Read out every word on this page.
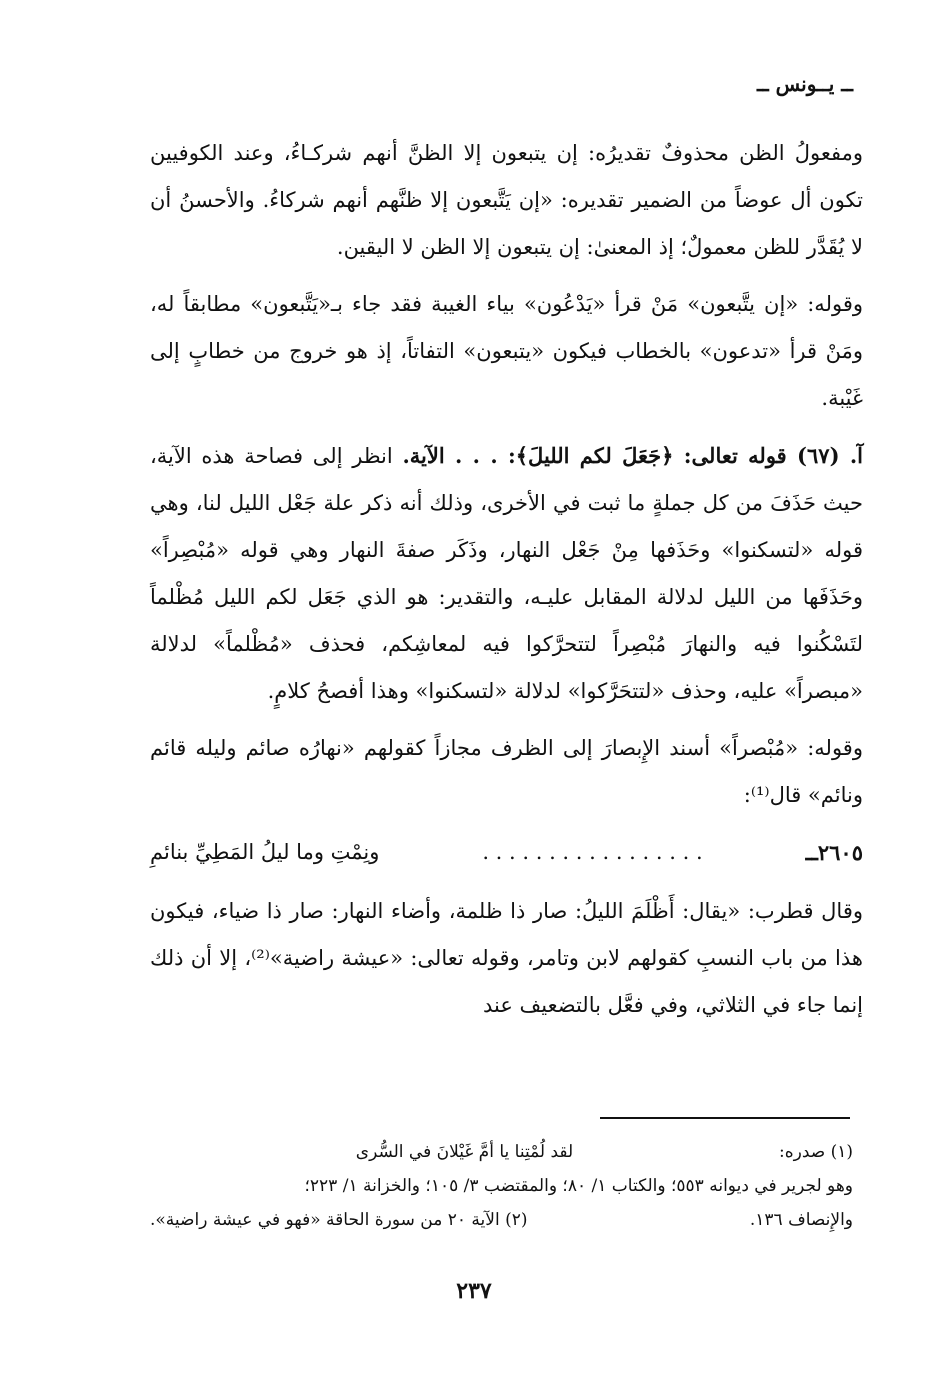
ــ يــونس ــ

ومفعولُ الظن محذوفٌ تقديرُه: إن يتبعون إلا الظنَّ أنهم شركـاءُ، وعند الكوفيين تكون أل عوضاً من الضمير تقديره: «إن يَتَّبعون إلا ظنَّهم أنهم شركاءُ. والأحسنُ أن لا يُقَدَّر للظن معمولٌ؛ إذ المعنىٰ: إن يتبعون إلا الظن لا اليقين.

وقوله: «إن يتَّبعون» مَنْ قرأ «يَدْعُون» بياء الغيبة فقد جاء بـ«يَتَّبعون» مطابقاً له، ومَنْ قرأ «تدعون» بالخطاب فيكون «يتبعون» التفاتاً، إذ هو خروج من خطابٍ إلى غَيْبة.

آ. (٦٧) قوله تعالى: ﴿جَعَلَ لكم الليلَ﴾: . . . الآية. انظر إلى فصاحة هذه الآية، حيث حَذَفَ من كل جملةٍ ما ثبت في الأخرى، وذلك أنه ذكر علة جَعْل الليل لنا، وهي قوله «لتسكنوا» وحَذَفها مِنْ جَعْل النهار، وذَكَر صفةَ النهار وهي قوله «مُبْصِراً» وحَذَفَها من الليل لدلالة المقابل عليـه، والتقدير: هو الذي جَعَل لكم الليل مُظْلماً لتَسْكُنوا فيه والنهارَ مُبْصِراً لتتحرَّكوا فيه لمعاشِكم، فحذف «مُظْلماً» لدلالة «مبصراً» عليه، وحذف «لتتحَرَّكوا» لدلالة «لتسكنوا» وهذا أفصحُ كلامٍ.

وقوله: «مُبْصراً» أسند الإِبصارَ إلى الظرف مجازاً كقولهم «نهارُه صائم وليله قائم ونائم» قال⁽¹⁾:

٢٦٠٥ــ
. . . . . . . . . . . . . . . . .
ونِمْتِ وما ليلُ المَطِيِّ بنائمِ

وقال قطرب: «يقال: أَظْلَمَ الليلُ: صار ذا ظلمة، وأضاء النهار: صار ذا ضياء، فيكون هذا من باب النسبِ كقولهم لابن وتامر، وقوله تعالى: «عيشة راضية»⁽²⁾، إلا أن ذلك إنما جاء في الثلاثي، وفي فعَّل بالتضعيف عند

(١) صدره:
لقد لُمْتِنا يا أمَّ غَيْلانَ في السُّرى
وهو لجرير في ديوانه ٥٥٣؛ والكتاب ١/ ٨٠؛ والمقتضب ٣/ ١٠٥؛ والخزانة ١/ ٢٢٣؛
والإِنصاف ١٣٦.
(٢) الآية ٢٠ من سورة الحاقة «فهو في عيشة راضية».
٢٣٧
